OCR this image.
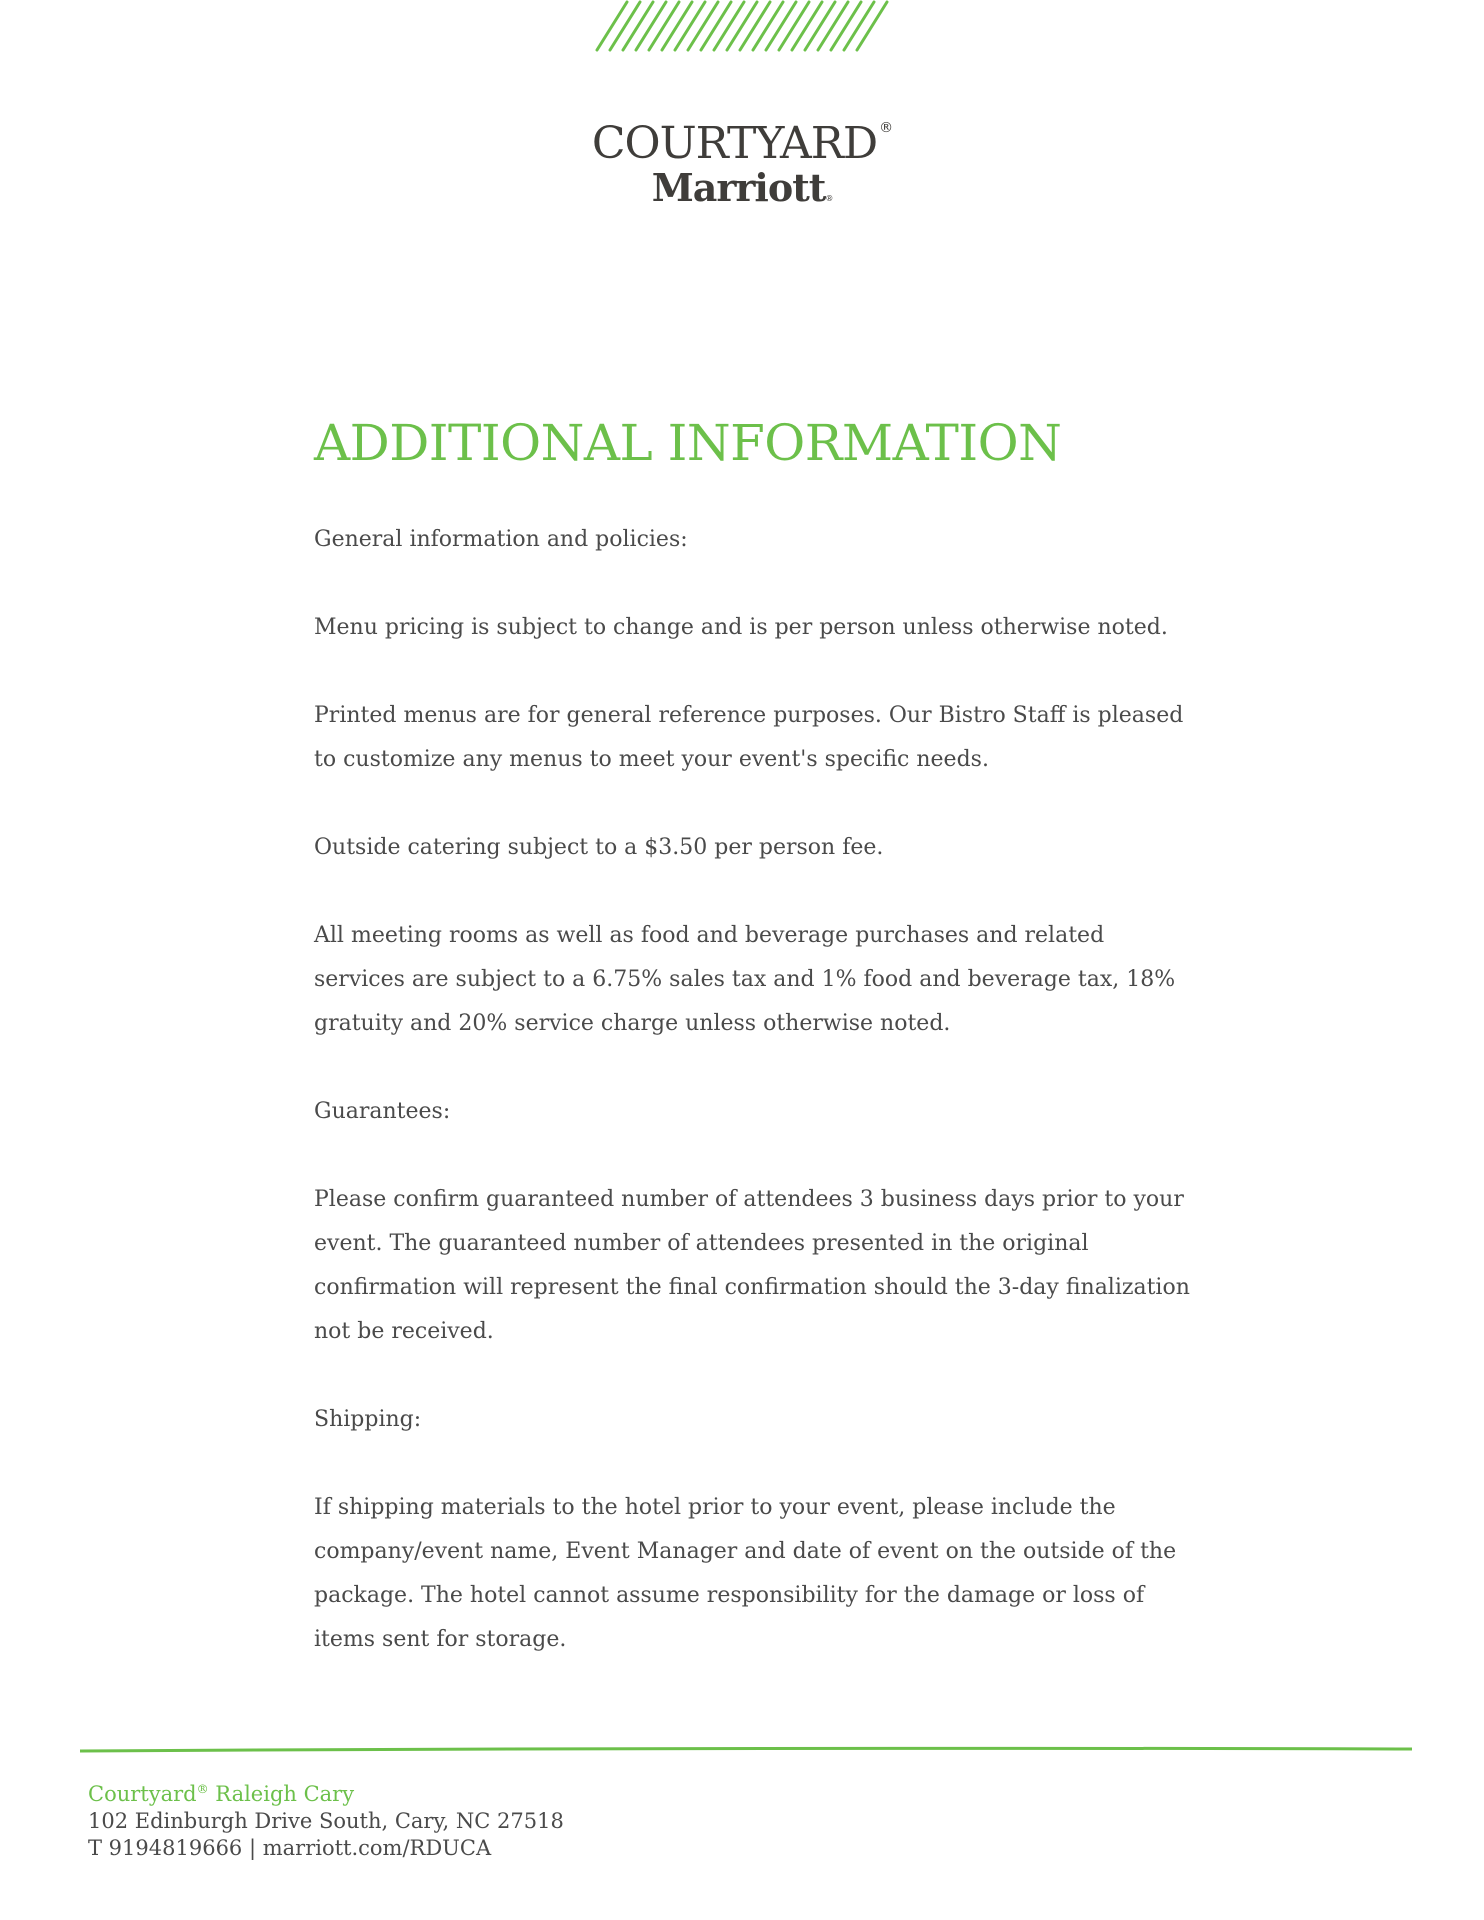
COURTYARD ®
Marriott®
ADDITIONAL INFORMATION

General information and policies:

Menu pricing is subject to change and is per person unless otherwise noted.

Printed menus are for general reference purposes. Our Bistro Staff is pleased to customize any menus to meet your event's specific needs.

Outside catering subject to a $3.50 per person fee.

All meeting rooms as well as food and beverage purchases and related services are subject to a 6.75% sales tax and 1% food and beverage tax, 18% gratuity and 20% service charge unless otherwise noted.

Guarantees:

Please confirm guaranteed number of attendees 3 business days prior to your event. The guaranteed number of attendees presented in the original confirmation will represent the final confirmation should the 3-day finalization not be received.

Shipping:

If shipping materials to the hotel prior to your event, please include the company/event name, Event Manager and date of event on the outside of the package. The hotel cannot assume responsibility for the damage or loss of items sent for storage.

Courtyard® Raleigh Cary
102 Edinburgh Drive South, Cary, NC 27518
T 9194819666 | marriott.com/RDUCA
